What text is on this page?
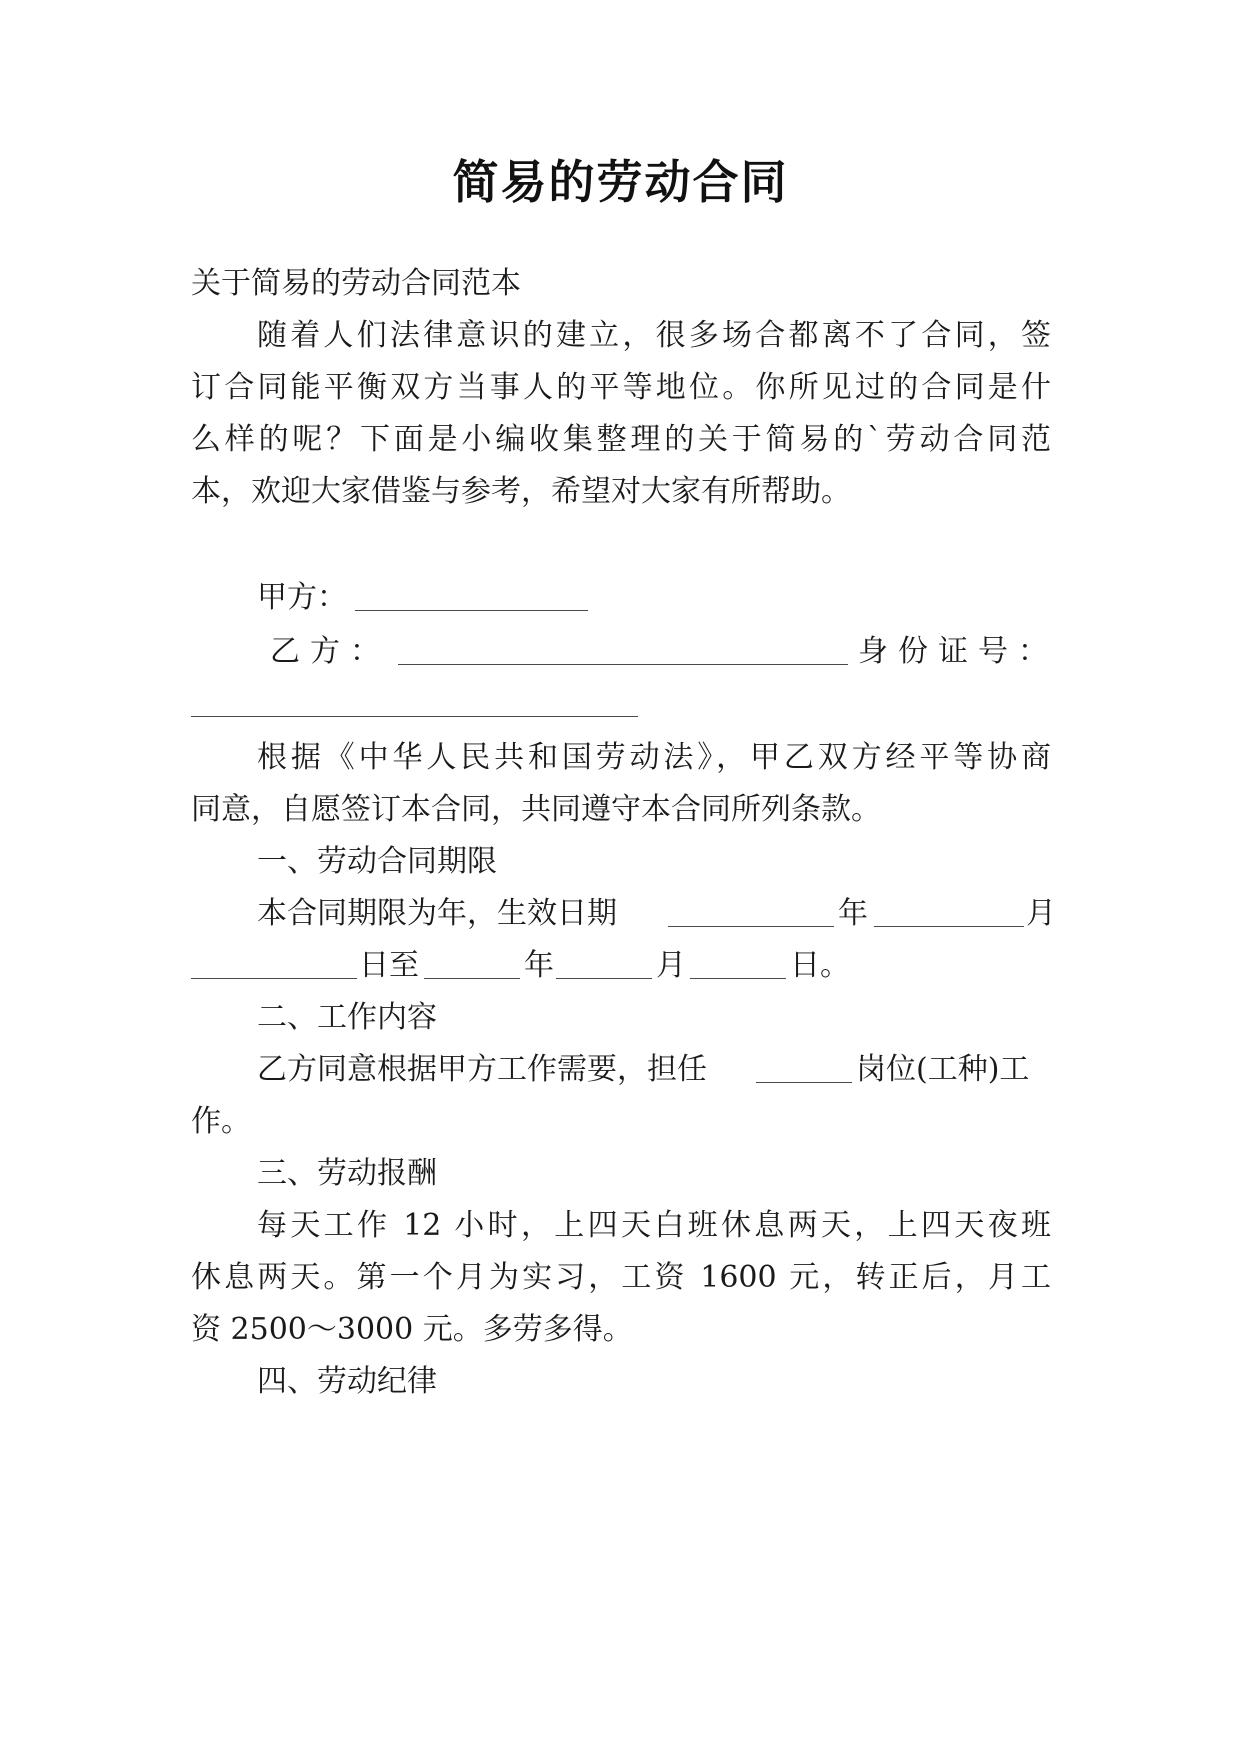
简易的劳动合同

关于简易的劳动合同范本

随着人们法律意识的建立，很多场合都离不了合同，签

订合同能平衡双方当事人的平等地位。你所见过的合同是什

么样的呢？下面是小编收集整理的关于简易的`劳动合同范

本，欢迎大家借鉴与参考，希望对大家有所帮助。

甲方：

乙方：	身份证号：

根据《中华人民共和国劳动法》，甲乙双方经平等协商

同意，自愿签订本合同，共同遵守本合同所列条款。

一、劳动合同期限

本合同期限为年，生效日期	年	月

日至	年	月	日。

二、工作内容

乙方同意根据甲方工作需要，担任	岗位(工种)工

作。

三、劳动报酬

每天工作 12 小时，上四天白班休息两天，上四天夜班

休息两天。第一个月为实习，工资 1600 元，转正后，月工

资 2500～3000 元。多劳多得。

四、劳动纪律
